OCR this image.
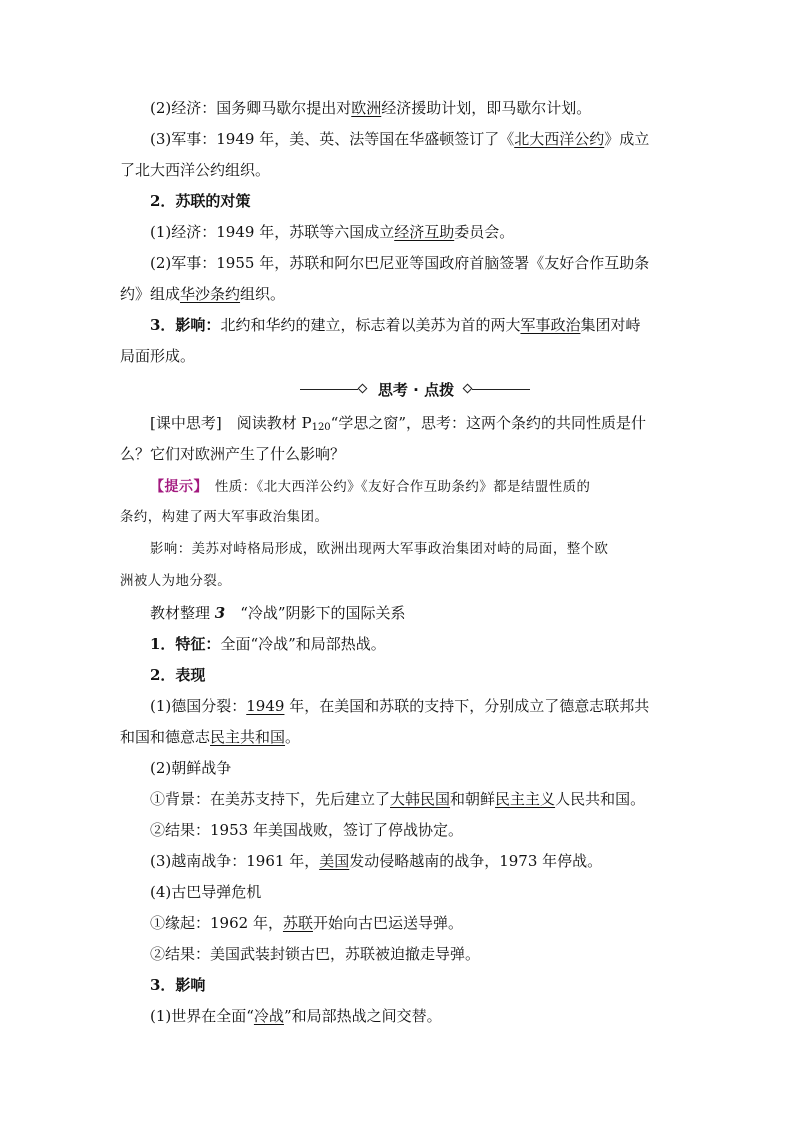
(2)经济：国务卿马歇尔提出对欧洲经济援助计划，即马歇尔计划。
(3)军事：1949 年，美、英、法等国在华盛顿签订了《北大西洋公约》成立
了北大西洋公约组织。
2．苏联的对策
(1)经济：1949 年，苏联等六国成立经济互助委员会。
(2)军事：1955 年，苏联和阿尔巴尼亚等国政府首脑签署《友好合作互助条
约》组成华沙条约组织。
3．影响：北约和华约的建立，标志着以美苏为首的两大军事政治集团对峙
局面形成。
思考 · 点拨
[课中思考]　阅读教材 $P_{120}“$学思之窗”，思考：这两个条约的共同性质是什
么？它们对欧洲产生了什么影响？
【提示】　性质：《北大西洋公约》《友好合作互助条约》都是结盟性质的
条约，构建了两大军事政治集团。
影响：美苏对峙格局形成，欧洲出现两大军事政治集团对峙的局面，整个欧
洲被人为地分裂。
教材整理 3　“冷战”阴影下的国际关系
1．特征：全面“冷战”和局部热战。
2．表现
(1)德国分裂：1949 年，在美国和苏联的支持下，分别成立了德意志联邦共
和国和德意志民主共和国。
(2)朝鲜战争
①背景：在美苏支持下，先后建立了大韩民国和朝鲜民主主义人民共和国。
②结果：1953 年美国战败，签订了停战协定。
(3)越南战争：1961 年，美国发动侵略越南的战争，1973 年停战。
(4)古巴导弹危机
①缘起：1962 年，苏联开始向古巴运送导弹。
②结果：美国武装封锁古巴，苏联被迫撤走导弹。
3．影响
(1)世界在全面“冷战”和局部热战之间交替。
